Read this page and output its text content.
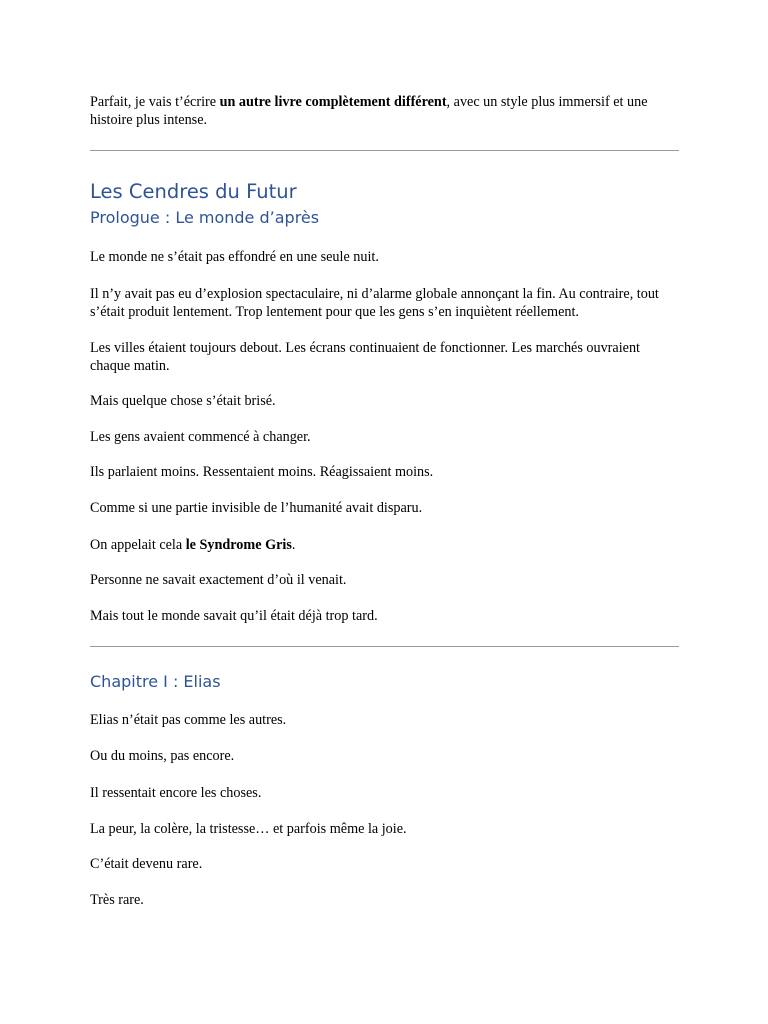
Parfait, je vais t’écrire un autre livre complètement différent, avec un style plus immersif et une histoire plus intense.

Les Cendres du Futur
Prologue : Le monde d’après

Le monde ne s’était pas effondré en une seule nuit.

Il n’y avait pas eu d’explosion spectaculaire, ni d’alarme globale annonçant la fin. Au contraire, tout s’était produit lentement. Trop lentement pour que les gens s’en inquiètent réellement.

Les villes étaient toujours debout. Les écrans continuaient de fonctionner. Les marchés ouvraient chaque matin.

Mais quelque chose s’était brisé.

Les gens avaient commencé à changer.

Ils parlaient moins. Ressentaient moins. Réagissaient moins.

Comme si une partie invisible de l’humanité avait disparu.

On appelait cela le Syndrome Gris.

Personne ne savait exactement d’où il venait.

Mais tout le monde savait qu’il était déjà trop tard.

Chapitre I : Elias

Elias n’était pas comme les autres.

Ou du moins, pas encore.

Il ressentait encore les choses.

La peur, la colère, la tristesse… et parfois même la joie.

C’était devenu rare.

Très rare.
